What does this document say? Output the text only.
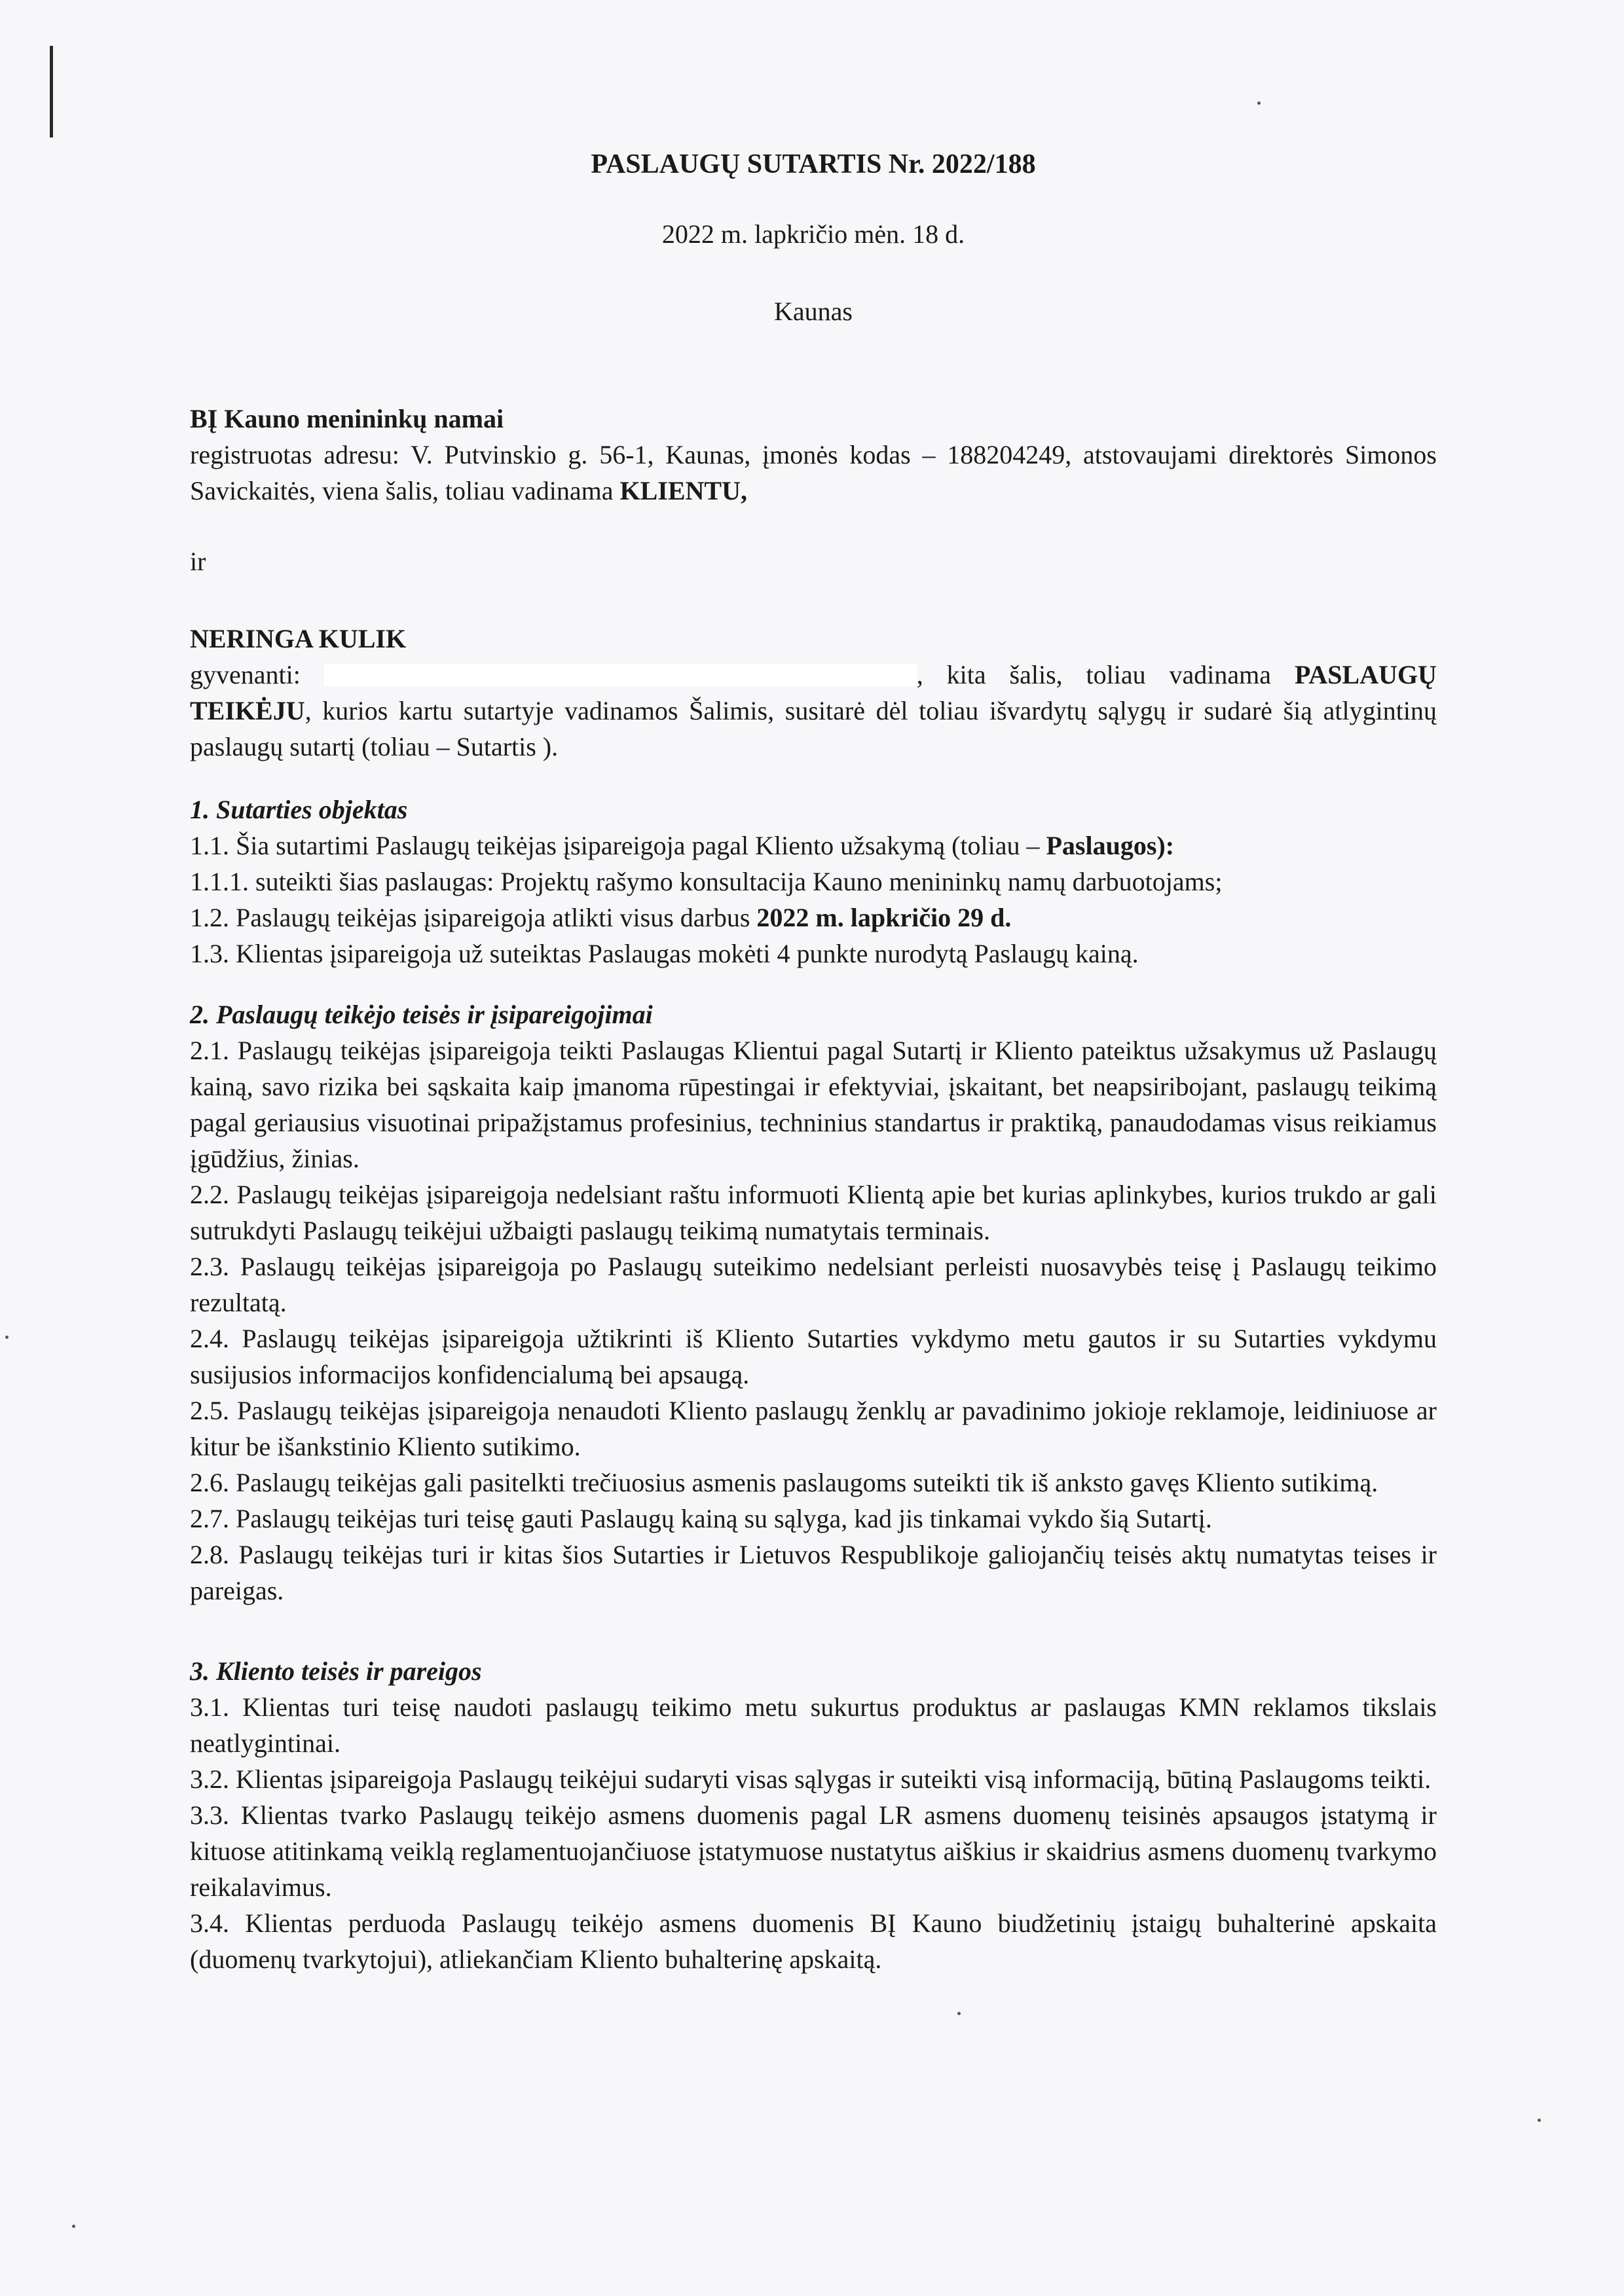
PASLAUGŲ SUTARTIS Nr. 2022/188
2022 m. lapkričio mėn. 18 d.
Kaunas

BĮ Kauno menininkų namai

registruotas adresu: V. Putvinskio g. 56-1, Kaunas, įmonės kodas – 188204249, atstovaujami direktorės Simonos Savickaitės, viena šalis, toliau vadinama KLIENTU,

ir

NERINGA KULIK

gyvenanti:	, kita šalis, toliau vadinama PASLAUGŲ TEIKĖJU, kurios kartu sutartyje vadinamos Šalimis, susitarė dėl toliau išvardytų sąlygų ir sudarė šią atlygintinų paslaugų sutartį (toliau – Sutartis ).

1. Sutarties objektas

1.1. Šia sutartimi Paslaugų teikėjas įsipareigoja pagal Kliento užsakymą (toliau – Paslaugos):

1.1.1. suteikti šias paslaugas: Projektų rašymo konsultacija Kauno menininkų namų darbuotojams;

1.2. Paslaugų teikėjas įsipareigoja atlikti visus darbus 2022 m. lapkričio 29 d.

1.3. Klientas įsipareigoja už suteiktas Paslaugas mokėti 4 punkte nurodytą Paslaugų kainą.

2. Paslaugų teikėjo teisės ir įsipareigojimai

2.1. Paslaugų teikėjas įsipareigoja teikti Paslaugas Klientui pagal Sutartį ir Kliento pateiktus užsakymus už Paslaugų kainą, savo rizika bei sąskaita kaip įmanoma rūpestingai ir efektyviai, įskaitant, bet neapsiribojant, paslaugų teikimą pagal geriausius visuotinai pripažįstamus profesinius, techninius standartus ir praktiką, panaudodamas visus reikiamus įgūdžius, žinias.

2.2. Paslaugų teikėjas įsipareigoja nedelsiant raštu informuoti Klientą apie bet kurias aplinkybes, kurios trukdo ar gali sutrukdyti Paslaugų teikėjui užbaigti paslaugų teikimą numatytais terminais.

2.3. Paslaugų teikėjas įsipareigoja po Paslaugų suteikimo nedelsiant perleisti nuosavybės teisę į Paslaugų teikimo rezultatą.

2.4. Paslaugų teikėjas įsipareigoja užtikrinti iš Kliento Sutarties vykdymo metu gautos ir su Sutarties vykdymu susijusios informacijos konfidencialumą bei apsaugą.

2.5. Paslaugų teikėjas įsipareigoja nenaudoti Kliento paslaugų ženklų ar pavadinimo jokioje reklamoje, leidiniuose ar kitur be išankstinio Kliento sutikimo.

2.6. Paslaugų teikėjas gali pasitelkti trečiuosius asmenis paslaugoms suteikti tik iš anksto gavęs Kliento sutikimą.

2.7. Paslaugų teikėjas turi teisę gauti Paslaugų kainą su sąlyga, kad jis tinkamai vykdo šią Sutartį.

2.8. Paslaugų teikėjas turi ir kitas šios Sutarties ir Lietuvos Respublikoje galiojančių teisės aktų numatytas teises ir pareigas.

3. Kliento teisės ir pareigos

3.1. Klientas turi teisę naudoti paslaugų teikimo metu sukurtus produktus ar paslaugas KMN reklamos tikslais neatlygintinai.

3.2. Klientas įsipareigoja Paslaugų teikėjui sudaryti visas sąlygas ir suteikti visą informaciją, būtiną Paslaugoms teikti.

3.3. Klientas tvarko Paslaugų teikėjo asmens duomenis pagal LR asmens duomenų teisinės apsaugos įstatymą ir kituose atitinkamą veiklą reglamentuojančiuose įstatymuose nustatytus aiškius ir skaidrius asmens duomenų tvarkymo reikalavimus.

3.4. Klientas perduoda Paslaugų teikėjo asmens duomenis BĮ Kauno biudžetinių įstaigų buhalterinė apskaita (duomenų tvarkytojui), atliekančiam Kliento buhalterinę apskaitą.
